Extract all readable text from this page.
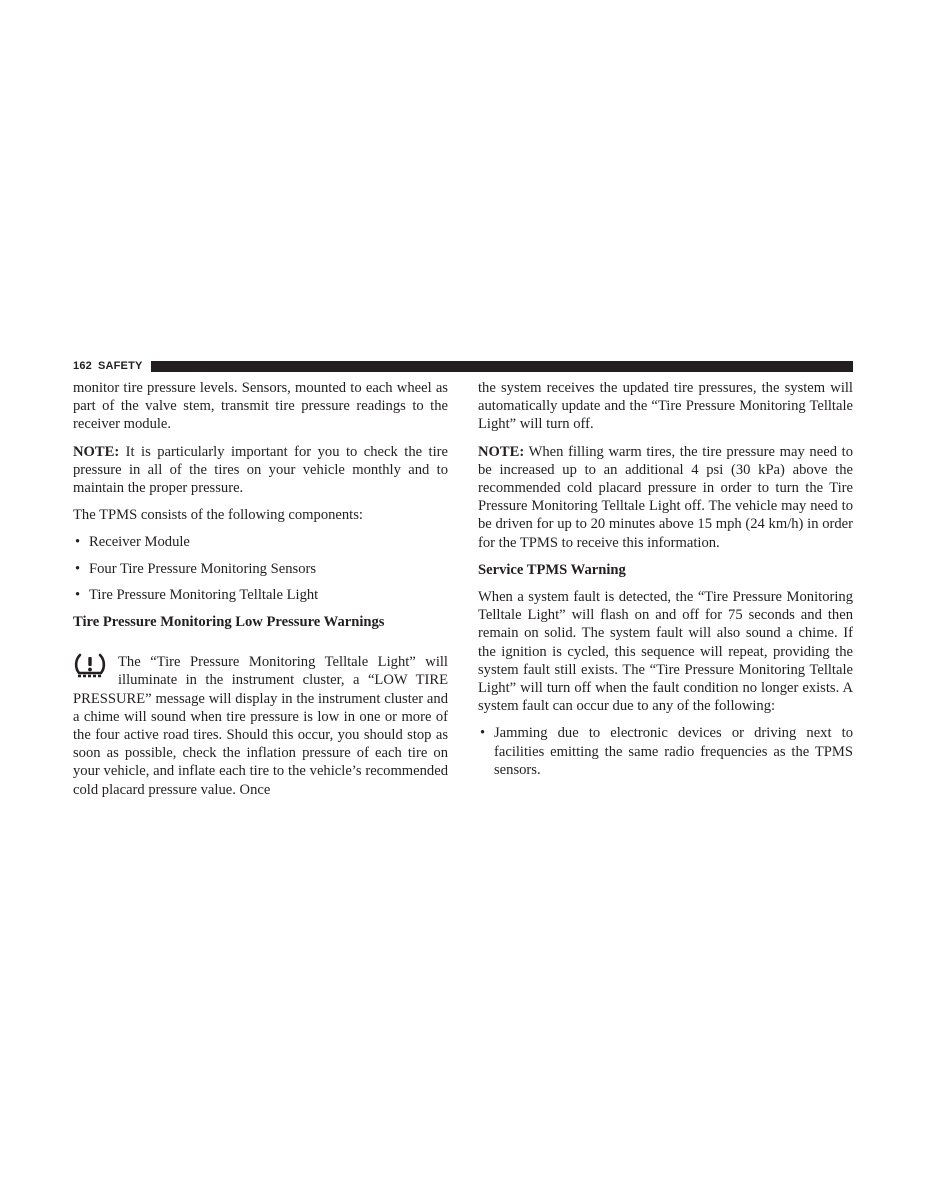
162 SAFETY

monitor tire pressure levels. Sensors, mounted to each wheel as part of the valve stem, transmit tire pressure readings to the receiver module.

NOTE: It is particularly important for you to check the tire pressure in all of the tires on your vehicle monthly and to maintain the proper pressure.

The TPMS consists of the following components:

• Receiver Module
• Four Tire Pressure Monitoring Sensors
• Tire Pressure Monitoring Telltale Light

Tire Pressure Monitoring Low Pressure Warnings

The “Tire Pressure Monitoring Telltale Light” will illuminate in the instrument cluster, a “LOW TIRE PRESSURE” message will display in the instrument cluster and a chime will sound when tire pressure is low in one or more of the four active road tires. Should this occur, you should stop as soon as possible, check the inflation pressure of each tire on your vehicle, and inflate each tire to the vehicle’s recommended cold placard pressure value. Once

the system receives the updated tire pressures, the system will automatically update and the “Tire Pressure Monitoring Telltale Light” will turn off.

NOTE: When filling warm tires, the tire pressure may need to be increased up to an additional 4 psi (30 kPa) above the recommended cold placard pressure in order to turn the Tire Pressure Monitoring Telltale Light off. The vehicle may need to be driven for up to 20 minutes above 15 mph (24 km/h) in order for the TPMS to receive this information.

Service TPMS Warning

When a system fault is detected, the “Tire Pressure Monitoring Telltale Light” will flash on and off for 75 seconds and then remain on solid. The system fault will also sound a chime. If the ignition is cycled, this sequence will repeat, providing the system fault still exists. The “Tire Pressure Monitoring Telltale Light” will turn off when the fault condition no longer exists. A system fault can occur due to any of the following:

• Jamming due to electronic devices or driving next to facilities emitting the same radio frequencies as the TPMS sensors.
